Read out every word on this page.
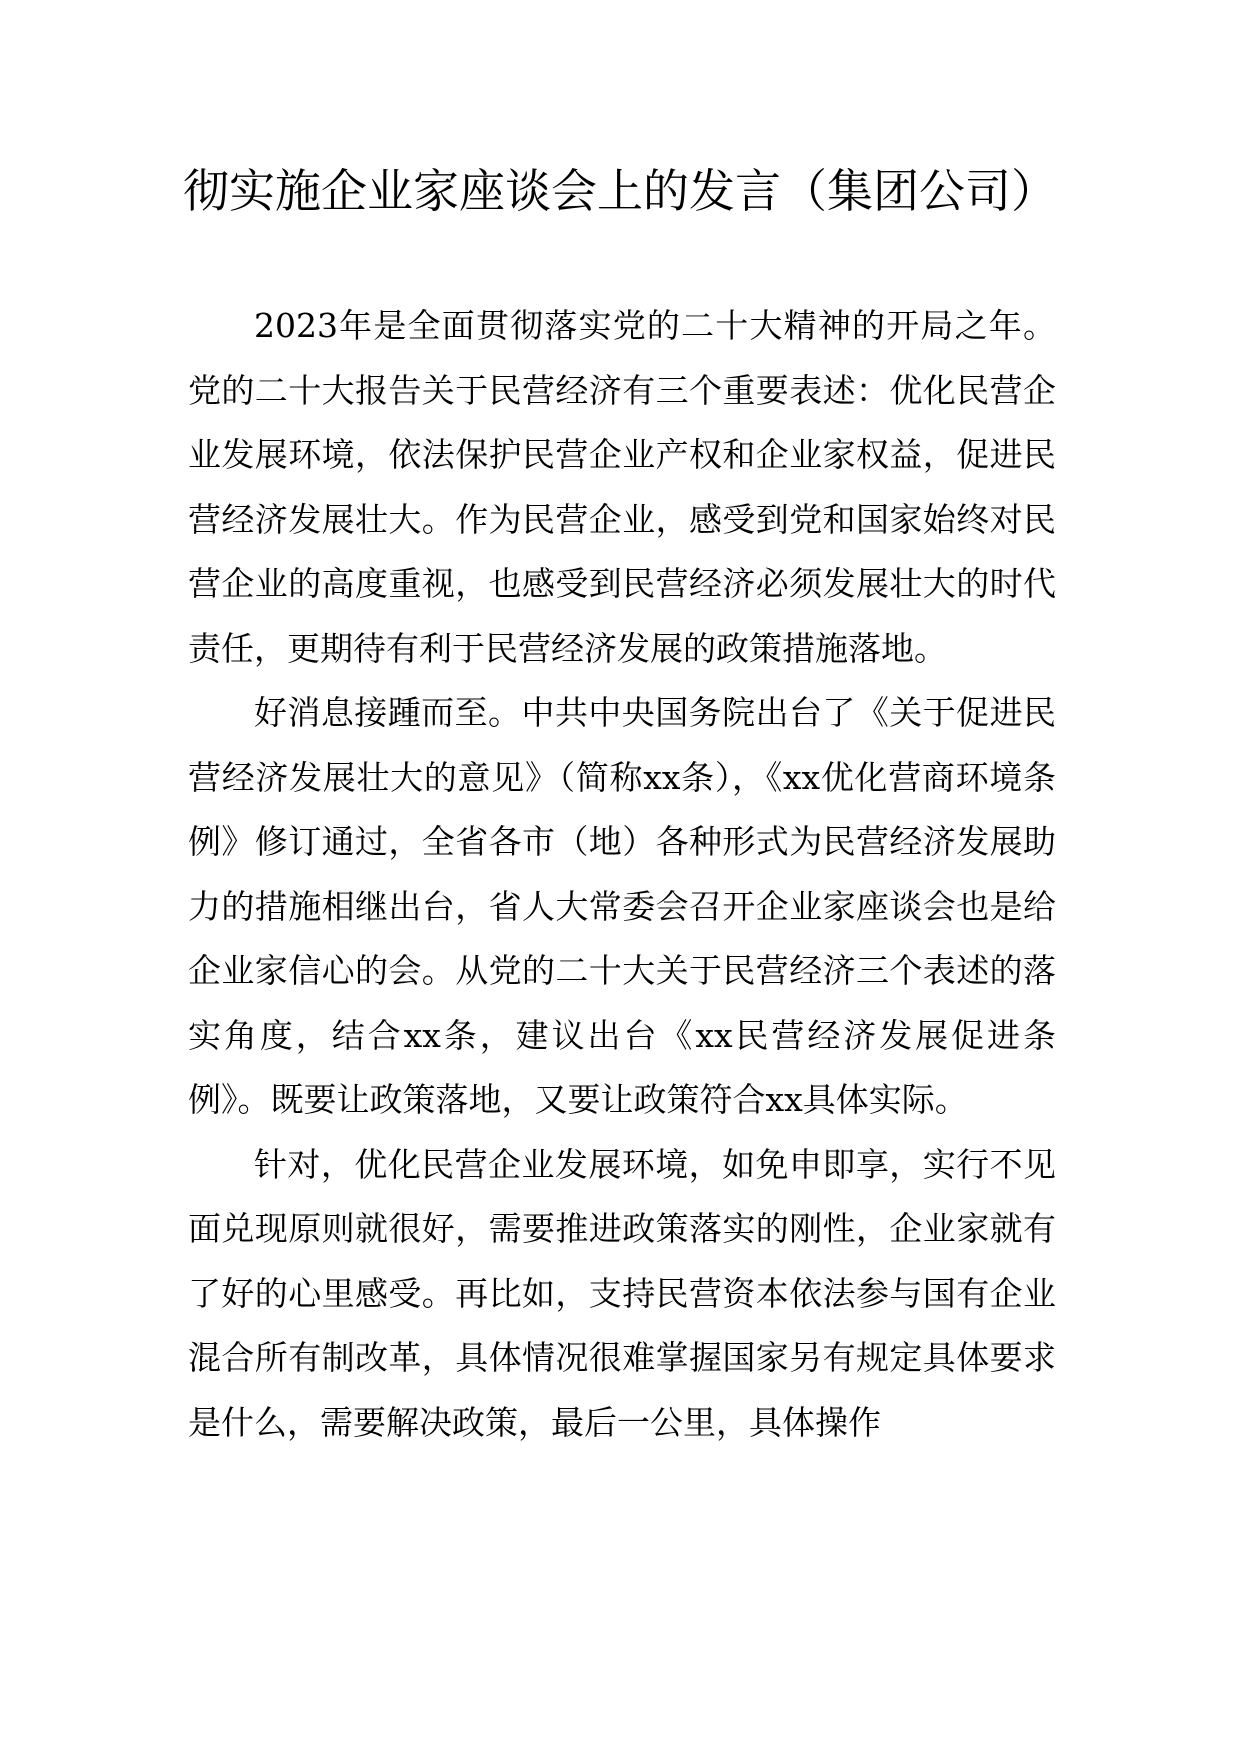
彻实施企业家座谈会上的发言（集团公司）

2023年是全面贯彻落实党的二十大精神的开局之年。党的二十大报告关于民营经济有三个重要表述：优化民营企业发展环境，依法保护民营企业产权和企业家权益，促进民营经济发展壮大。作为民营企业，感受到党和国家始终对民营企业的高度重视，也感受到民营经济必须发展壮大的时代责任，更期待有利于民营经济发展的政策措施落地。

好消息接踵而至。中共中央国务院出台了《关于促进民营经济发展壮大的意见》（简称xx条），《xx优化营商环境条例》修订通过，全省各市（地）各种形式为民营经济发展助力的措施相继出台，省人大常委会召开企业家座谈会也是给企业家信心的会。从党的二十大关于民营经济三个表述的落实角度，结合xx条，建议出台《xx民营经济发展促进条例》。既要让政策落地，又要让政策符合xx具体实际。

针对，优化民营企业发展环境，如免申即享，实行不见面兑现原则就很好，需要推进政策落实的刚性，企业家就有了好的心里感受。再比如，支持民营资本依法参与国有企业混合所有制改革，具体情况很难掌握国家另有规定具体要求是什么，需要解决政策，最后一公里，具体操作
